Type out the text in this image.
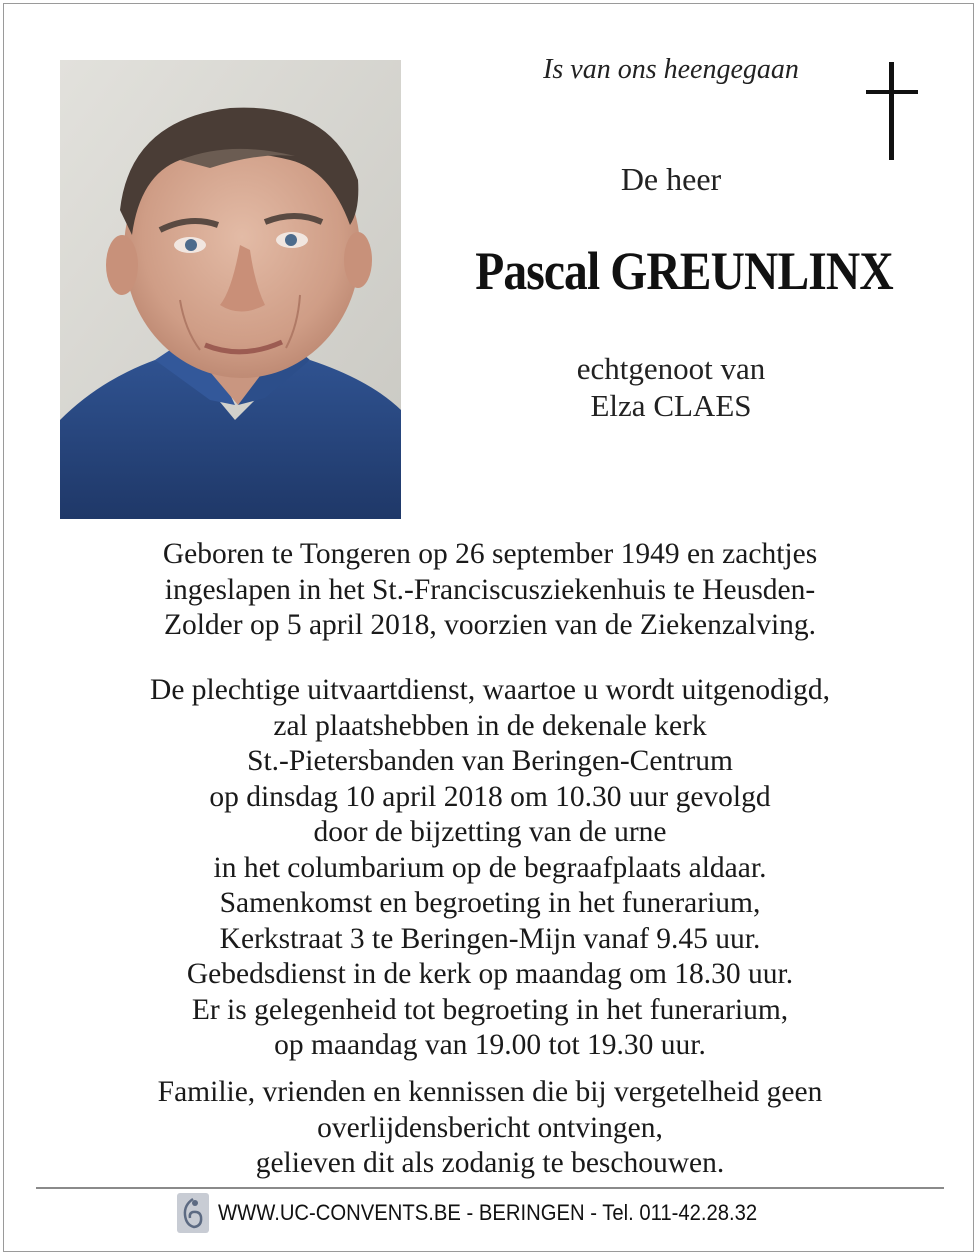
Is van ons heengegaan
De heer
Pascal GREUNLINX
echtgenoot van
Elza CLAES
Geboren te Tongeren op 26 september 1949 en zachtjes
ingeslapen in het St.-Franciscusziekenhuis te Heusden-
Zolder op 5 april 2018, voorzien van de Ziekenzalving.
De plechtige uitvaartdienst, waartoe u wordt uitgenodigd,
zal plaatshebben in de dekenale kerk
St.-Pietersbanden van Beringen-Centrum
op dinsdag 10 april 2018 om 10.30 uur gevolgd
door de bijzetting van de urne
in het columbarium op de begraafplaats aldaar.
Samenkomst en begroeting in het funerarium,
Kerkstraat 3 te Beringen-Mijn vanaf 9.45 uur.
Gebedsdienst in de kerk op maandag om 18.30 uur.
Er is gelegenheid tot begroeting in het funerarium,
op maandag van 19.00 tot 19.30 uur.
Familie, vrienden en kennissen die bij vergetelheid geen
overlijdensbericht ontvingen,
gelieven dit als zodanig te beschouwen.
WWW.UC-CONVENTS.BE - BERINGEN - Tel. 011-42.28.32
